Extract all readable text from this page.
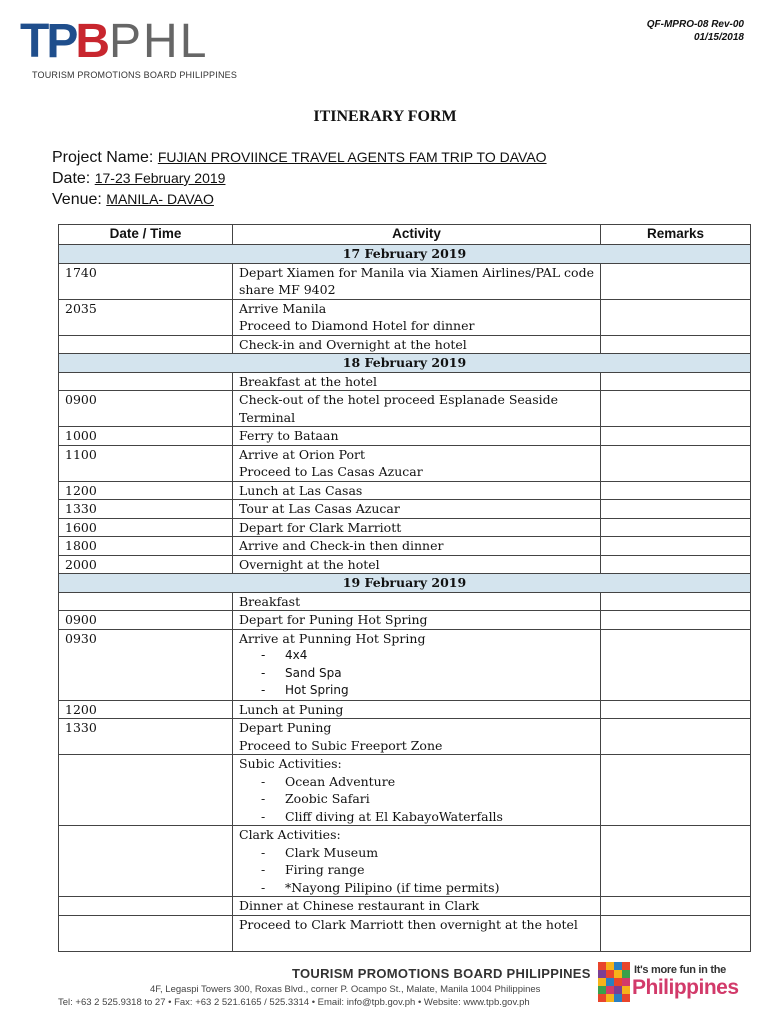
TPB PHL
TOURISM PROMOTIONS BOARD PHILIPPINES
QF-MPRO-08 Rev-00
01/15/2018
ITINERARY FORM
Project Name: FUJIAN PROVIINCE TRAVEL AGENTS FAM TRIP TO DAVAO
Date: 17-23 February 2019
Venue: MANILA- DAVAO
Date / Time	Activity	Remarks
17 February 2019		
1740	Depart Xiamen for Manila via Xiamen Airlines/PAL code share MF 9402	

2035	Arrive Manila
Proceed to Diamond Hotel for dinner	

	Check-in and Overnight at the hotel	

18 February 2019		

	Breakfast at the hotel	

0900	Check-out of the hotel proceed Esplanade Seaside Terminal	

1000	Ferry to Bataan	

1100	Arrive at Orion Port
Proceed to Las Casas Azucar	

1200	Lunch at Las Casas	

1330	Tour at Las Casas Azucar	

1600	Depart for Clark Marriott	

1800	Arrive and Check-in then dinner	

2000	Overnight at the hotel	

19 February 2019		

	Breakfast	

0900	Depart for Puning Hot Spring	

0930	Arrive at Punning Hot Spring
- 4x4
- Sand Spa
- Hot Spring	

1200	Lunch at Puning	

1330	Depart Puning
Proceed to Subic Freeport Zone	

	Subic Activities:
- Ocean Adventure
- Zoobic Safari
- Cliff diving at El KabayoWaterfalls	

	Clark Activities:
- Clark Museum
- Firing range
- *Nayong Pilipino (if time permits)	

	Dinner at Chinese restaurant in Clark	

	Proceed to Clark Marriott then overnight at the hotel	

TOURISM PROMOTIONS BOARD PHILIPPINES
4F, Legaspi Towers 300, Roxas Blvd., corner P. Ocampo St., Malate, Manila 1004 Philippines
Tel: +63 2 525.9318 to 27 • Fax: +63 2 521.6165 / 525.3314 • Email: info@tpb.gov.ph • Website: www.tpb.gov.ph
It's more fun in the
Philippines
